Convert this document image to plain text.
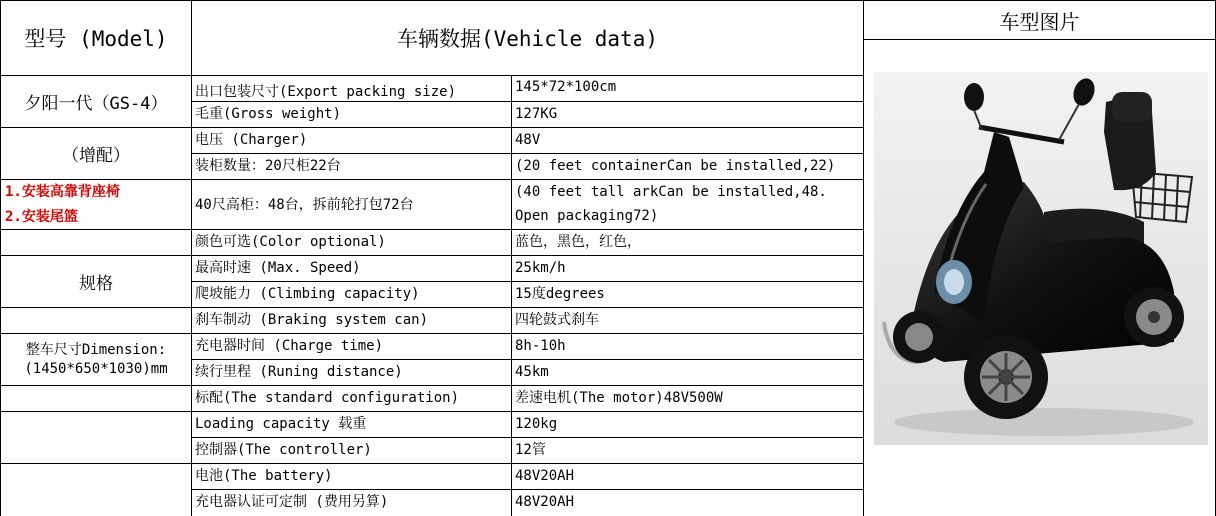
型号 (Model)	车辆数据(Vehicle data)
车型图片
夕阳一代（GS-4）
（增配）
1.安装高靠背座椅
2.安装尾篮
规格
整车尺寸Dimension:
(1450*650*1030)mm
出口包装尺寸(Export packing size)
毛重(Gross weight)
电压 (Charger)
装柜数量：20尺柜22台
40尺高柜：48台，拆前轮打包72台
颜色可选(Color optional)
最高时速 (Max. Speed)
爬坡能力 (Climbing capacity)
刹车制动 (Braking system can)
充电器时间 (Charge time)
续行里程 (Runing distance)
标配(The standard configuration)
Loading capacity 载重
控制器(The controller)
电池(The battery)
充电器认证可定制 (费用另算)
145*72*100cm
127KG
48V
(20 feet containerCan be installed,22)
(40 feet tall arkCan be installed,48.
Open packaging72)
蓝色，黑色，红色，
25km/h
15度degrees
四轮鼓式刹车
8h-10h
45km
差速电机(The motor)48V500W
120kg
12管
48V20AH
48V20AH
